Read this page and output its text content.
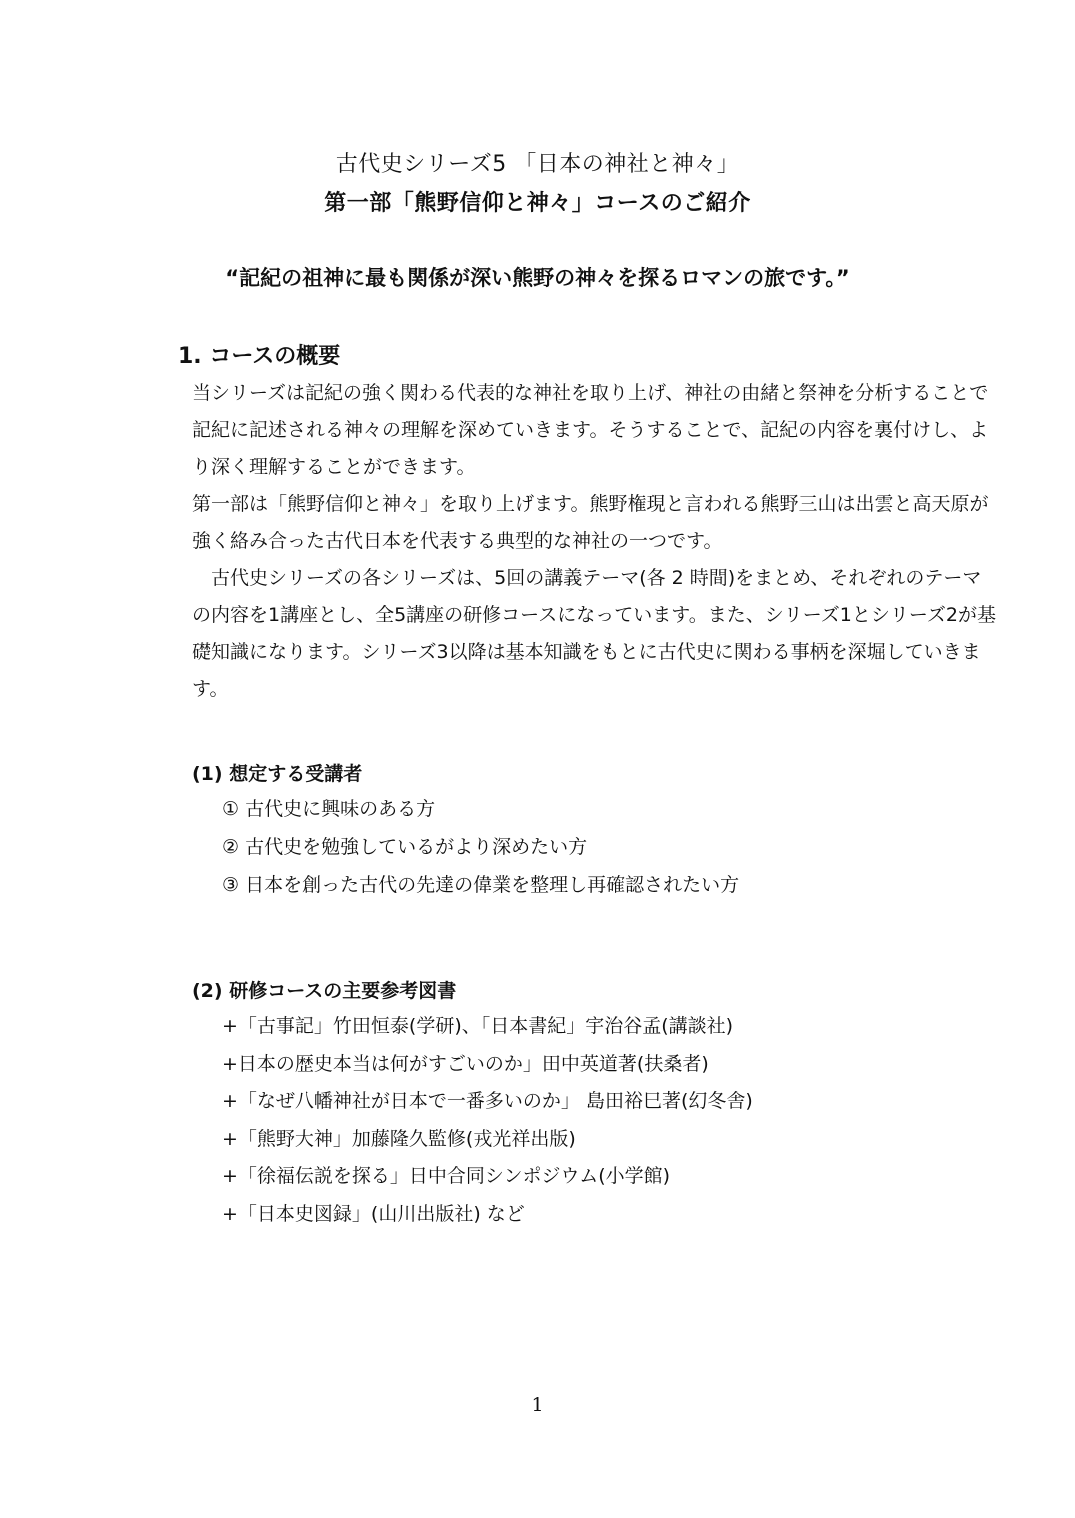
古代史シリーズ5 「日本の神社と神々」
第一部「熊野信仰と神々」コースのご紹介
“記紀の祖神に最も関係が深い熊野の神々を探るロマンの旅です。”
1. コースの概要
当シリーズは記紀の強く関わる代表的な神社を取り上げ、神社の由緒と祭神を分析することで記紀に記述される神々の理解を深めていきます。そうすることで、記紀の内容を裏付けし、より深く理解することができます。
第一部は「熊野信仰と神々」を取り上げます。熊野権現と言われる熊野三山は出雲と高天原が強く絡み合った古代日本を代表する典型的な神社の一つです。
古代史シリーズの各シリーズは、5回の講義テーマ(各 2 時間)をまとめ、それぞれのテーマの内容を1講座とし、全5講座の研修コースになっています。また、シリーズ1とシリーズ2が基礎知識になります。シリーズ3以降は基本知識をもとに古代史に関わる事柄を深堀していきます。
(1) 想定する受講者
① 古代史に興味のある方
② 古代史を勉強しているがより深めたい方
③ 日本を創った古代の先達の偉業を整理し再確認されたい方
(2) 研修コースの主要参考図書
+「古事記」竹田恒泰(学研)、「日本書紀」宇治谷孟(講談社)
+日本の歴史本当は何がすごいのか」田中英道著(扶桑者)
+「なぜ八幡神社が日本で一番多いのか」 島田裕巳著(幻冬舎)
+「熊野大神」加藤隆久監修(戎光祥出版)
+「徐福伝説を探る」日中合同シンポジウム(小学館)
+「日本史図録」(山川出版社) など
1
